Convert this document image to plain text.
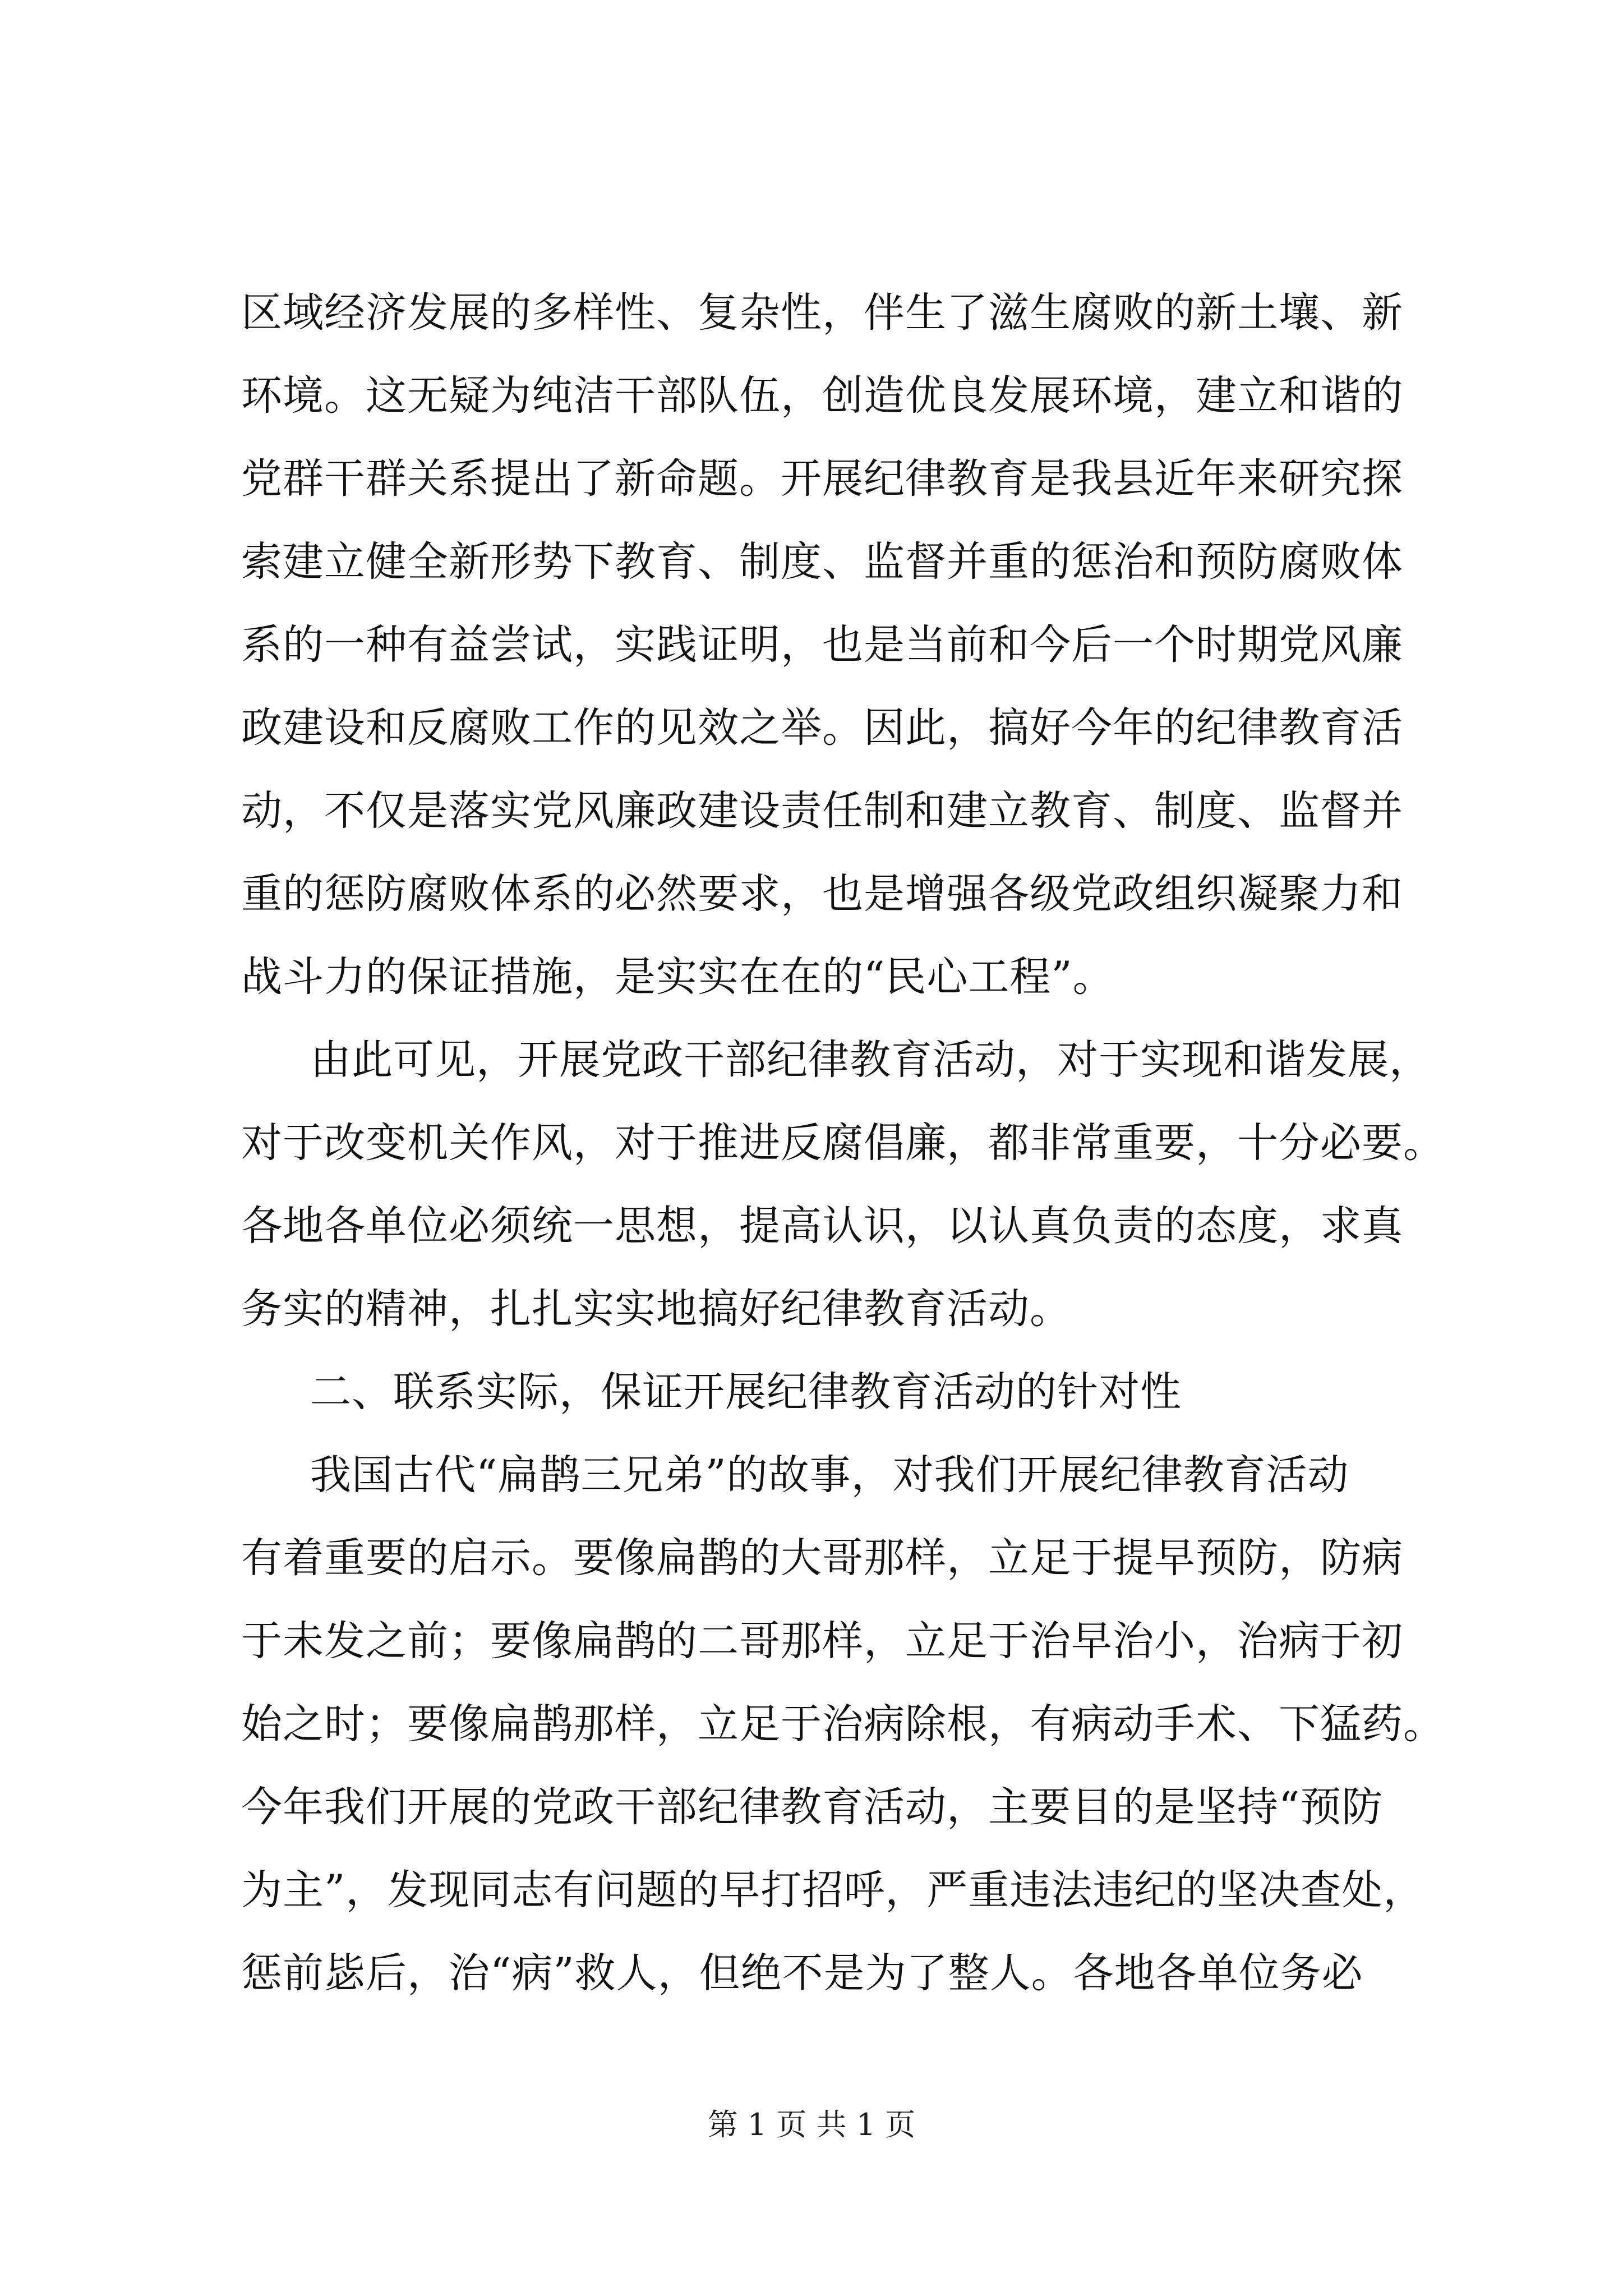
区域经济发展的多样性、复杂性，伴生了滋生腐败的新土壤、新
环境。这无疑为纯洁干部队伍，创造优良发展环境，建立和谐的
党群干群关系提出了新命题。开展纪律教育是我县近年来研究探
索建立健全新形势下教育、制度、监督并重的惩治和预防腐败体
系的一种有益尝试，实践证明，也是当前和今后一个时期党风廉
政建设和反腐败工作的见效之举。因此，搞好今年的纪律教育活
动，不仅是落实党风廉政建设责任制和建立教育、制度、监督并
重的惩防腐败体系的必然要求，也是增强各级党政组织凝聚力和
战斗力的保证措施，是实实在在的“民心工程”。
由此可见，开展党政干部纪律教育活动，对于实现和谐发展，
对于改变机关作风，对于推进反腐倡廉，都非常重要，十分必要。
各地各单位必须统一思想，提高认识，以认真负责的态度，求真
务实的精神，扎扎实实地搞好纪律教育活动。
二、联系实际，保证开展纪律教育活动的针对性
我国古代“扁鹊三兄弟”的故事，对我们开展纪律教育活动
有着重要的启示。要像扁鹊的大哥那样，立足于提早预防，防病
于未发之前；要像扁鹊的二哥那样，立足于治早治小，治病于初
始之时；要像扁鹊那样，立足于治病除根，有病动手术、下猛药。
今年我们开展的党政干部纪律教育活动，主要目的是坚持“预防
为主”，发现同志有问题的早打招呼，严重违法违纪的坚决查处，
惩前毖后，治“病”救人，但绝不是为了整人。各地各单位务必
第 1 页 共 1 页
